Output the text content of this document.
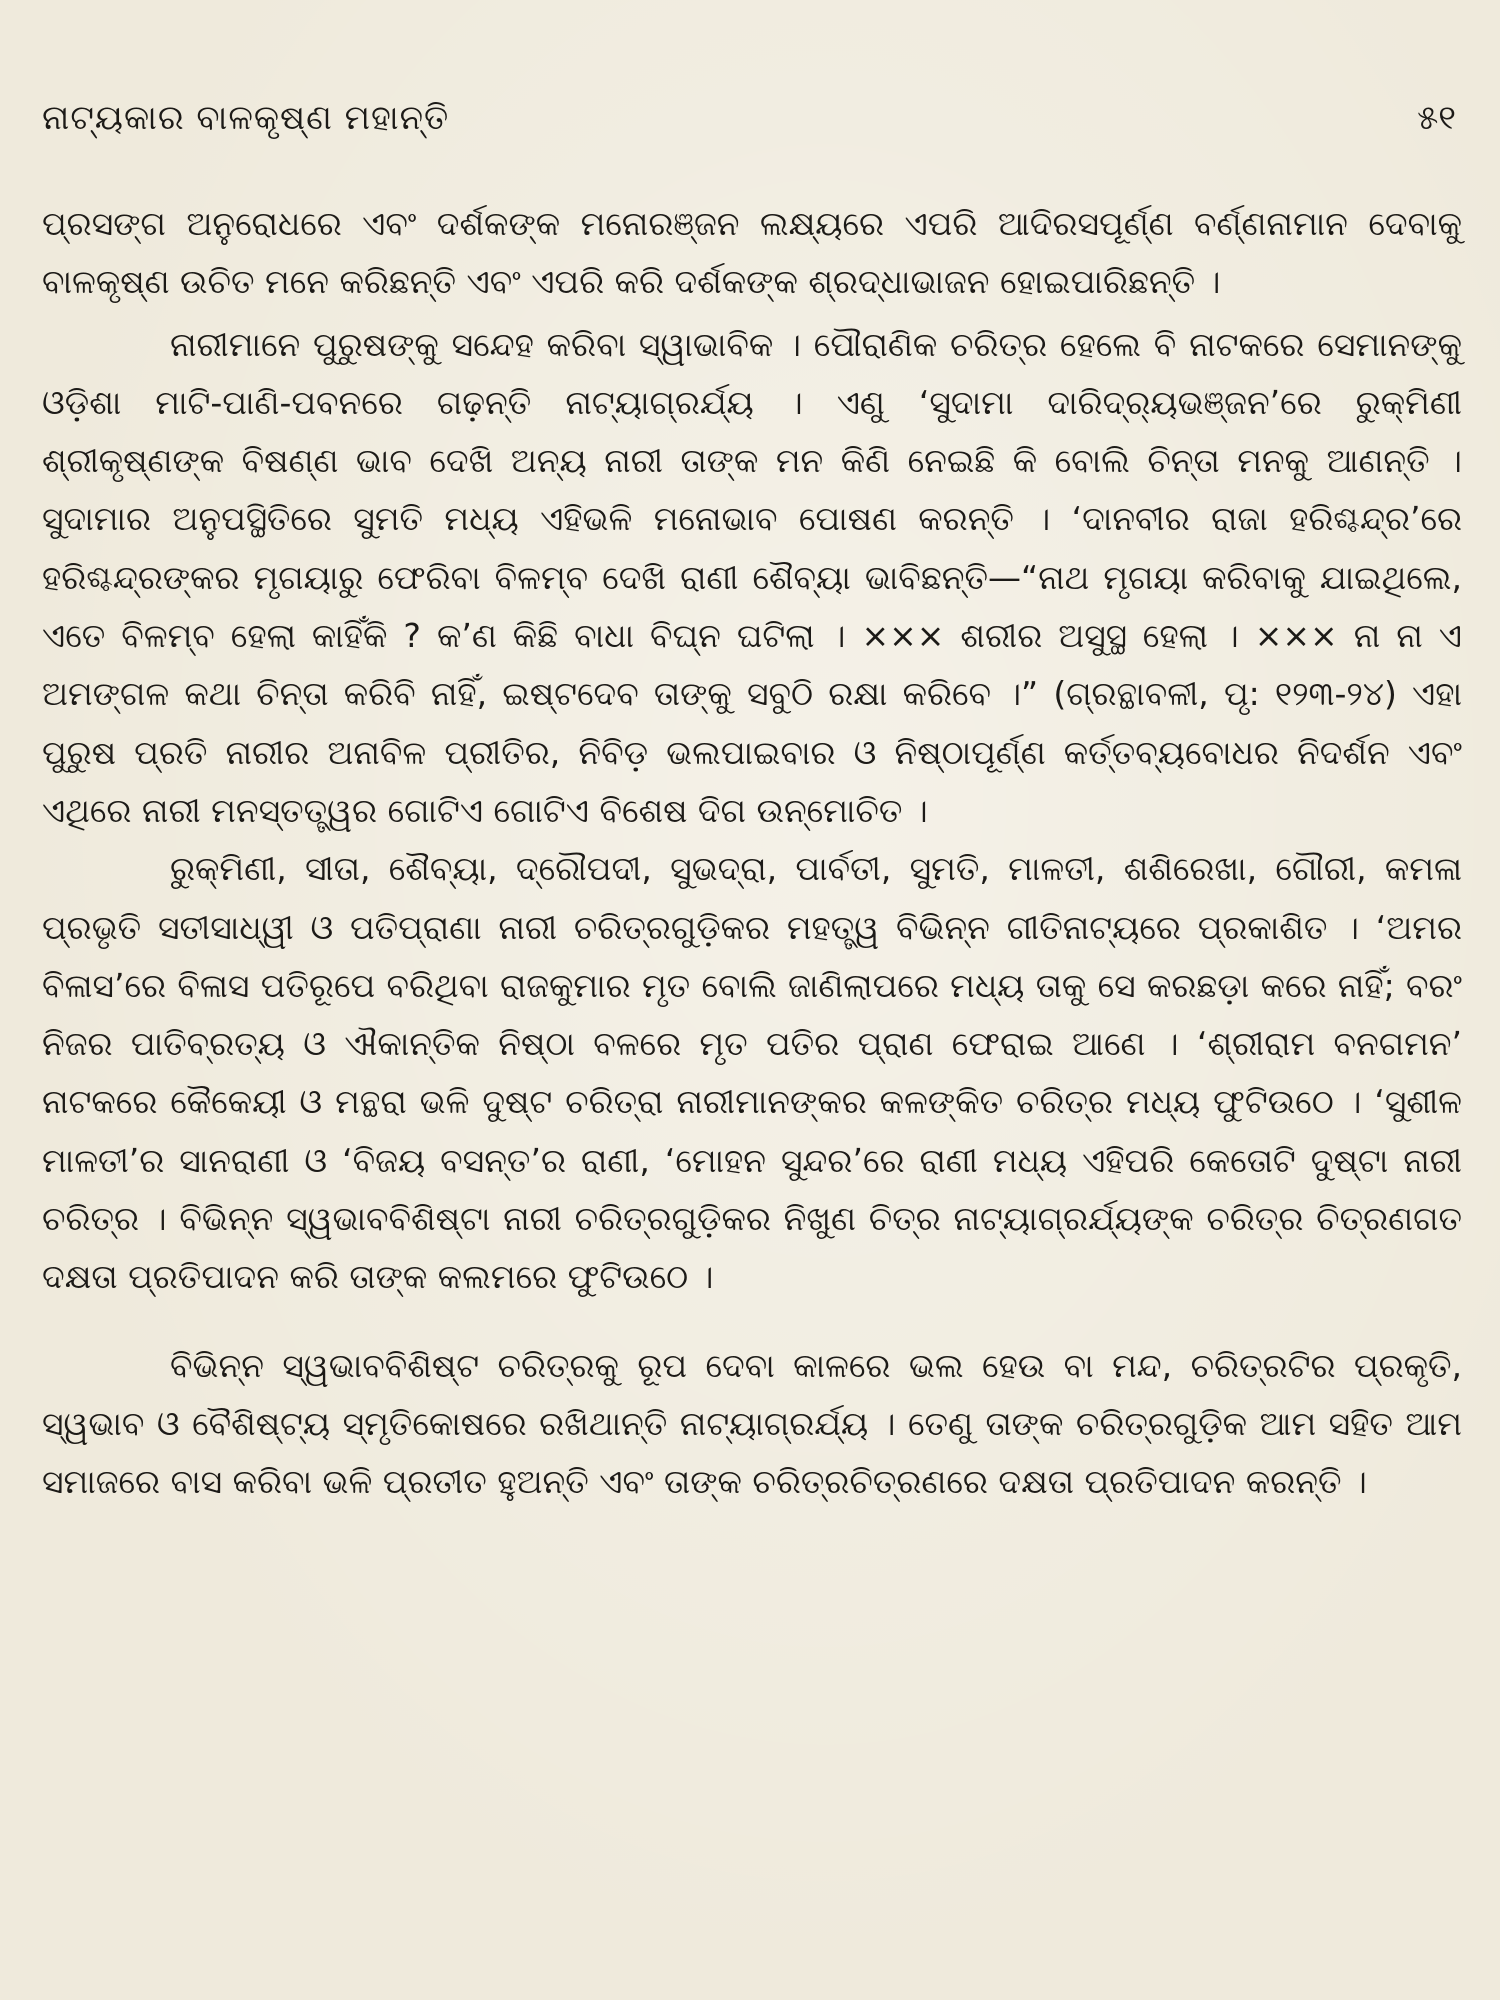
ନାଟ୍ୟକାର ବାଳକୃଷ୍ଣ ମହାନ୍ତି	୫୧

ପ୍ରସଙ୍ଗ ଅନୁରୋଧରେ ଏବଂ ଦର୍ଶକଙ୍କ ମନୋରଞ୍ଜନ ଲକ୍ଷ୍ୟରେ ଏପରି ଆଦିରସପୂର୍ଣ୍ଣ ବର୍ଣ୍ଣନାମାନ ଦେବାକୁ ବାଳକୃଷ୍ଣ ଉଚିତ ମନେ କରିଛନ୍ତି ଏବଂ ଏପରି କରି ଦର୍ଶକଙ୍କ ଶ୍ରଦ୍ଧାଭାଜନ ହୋଇପାରିଛନ୍ତି ।

ନାରୀମାନେ ପୁରୁଷଙ୍କୁ ସନ୍ଦେହ କରିବା ସ୍ୱାଭାବିକ । ପୌରାଣିକ ଚରିତ୍ର ହେଲେ ବି ନାଟକରେ ସେମାନଙ୍କୁ ଓଡ଼ିଶା ମାଟି-ପାଣି-ପବନରେ ଗଢ଼ନ୍ତି ନାଟ୍ୟାଗ୍ରର୍ଯ୍ୟ । ଏଣୁ ‘ସୁଦାମା ଦାରିଦ୍ର୍ୟଭଞ୍ଜନ’ରେ ରୁକ୍ମିଣୀ ଶ୍ରୀକୃଷ୍ଣଙ୍କ ବିଷଣ୍ଣ ଭାବ ଦେଖି ଅନ୍ୟ ନାରୀ ତାଙ୍କ ମନ କିଣି ନେଇଛି କି ବୋଲି ଚିନ୍ତା ମନକୁ ଆଣନ୍ତି । ସୁଦାମାର ଅନୁପସ୍ଥିତିରେ ସୁମତି ମଧ୍ୟ ଏହିଭଳି ମନୋଭାବ ପୋଷଣ କରନ୍ତି । ‘ଦାନବୀର ରାଜା ହରିଶ୍ଚନ୍ଦ୍ର’ରେ ହରିଶ୍ଚନ୍ଦ୍ରଙ୍କର ମୃଗୟାରୁ ଫେରିବା ବିଳମ୍ବ ଦେଖି ରାଣୀ ଶୈବ୍ୟା ଭାବିଛନ୍ତି—“ନାଥ ମୃଗୟା କରିବାକୁ ଯାଇଥିଲେ, ଏତେ ବିଳମ୍ବ ହେଲା କାହିଁକି ? କ’ଣ କିଛି ବାଧା ବିଘ୍ନ ଘଟିଲା । ××× ଶରୀର ଅସୁସ୍ଥ ହେଲା । ××× ନା ନା ଏ ଅମଙ୍ଗଳ କଥା ଚିନ୍ତା କରିବି ନାହିଁ, ଇଷ୍ଟଦେବ ତାଙ୍କୁ ସବୁଠି ରକ୍ଷା କରିବେ ।” (ଗ୍ରନ୍ଥାବଳୀ, ପୃ: ୧୨୩-୨୪) ଏହା ପୁରୁଷ ପ୍ରତି ନାରୀର ଅନାବିଳ ପ୍ରୀତିର, ନିବିଡ଼ ଭଲପାଇବାର ଓ ନିଷ୍ଠାପୂର୍ଣ୍ଣ କର୍ତ୍ତବ୍ୟବୋଧର ନିଦର୍ଶନ ଏବଂ ଏଥିରେ ନାରୀ ମନସ୍ତତ୍ତ୍ୱର ଗୋଟିଏ ଗୋଟିଏ ବିଶେଷ ଦିଗ ଉନ୍ମୋଚିତ ।

ରୁକ୍ମିଣୀ, ସୀତା, ଶୈବ୍ୟା, ଦ୍ରୌପଦୀ, ସୁଭଦ୍ରା, ପାର୍ବତୀ, ସୁମତି, ମାଳତୀ, ଶଶିରେଖା, ଗୌରୀ, କମଳା ପ୍ରଭୃତି ସତୀସାଧ୍ୱୀ ଓ ପତିପ୍ରାଣା ନାରୀ ଚରିତ୍ରଗୁଡ଼ିକର ମହତ୍ତ୍ୱ ବିଭିନ୍ନ ଗୀତିନାଟ୍ୟରେ ପ୍ରକାଶିତ । ‘ଅମର ବିଳାସ’ରେ ବିଳାସ ପତିରୂପେ ବରିଥିବା ରାଜକୁମାର ମୃତ ବୋଲି ଜାଣିଲାପରେ ମଧ୍ୟ ତାକୁ ସେ କରଛଡ଼ା କରେ ନାହିଁ; ବରଂ ନିଜର ପାତିବ୍ରତ୍ୟ ଓ ଐକାନ୍ତିକ ନିଷ୍ଠା ବଳରେ ମୃତ ପତିର ପ୍ରାଣ ଫେରାଇ ଆଣେ । ‘ଶ୍ରୀରାମ ବନଗମନ’ ନାଟକରେ କୈକେୟୀ ଓ ମନ୍ଥରା ଭଳି ଦୁଷ୍ଟ ଚରିତ୍ରା ନାରୀମାନଙ୍କର କଳଙ୍କିତ ଚରିତ୍ର ମଧ୍ୟ ଫୁଟିଉଠେ । ‘ସୁଶୀଳ ମାଳତୀ’ର ସାନରାଣୀ ଓ ‘ବିଜୟ ବସନ୍ତ’ର ରାଣୀ, ‘ମୋହନ ସୁନ୍ଦର’ରେ ରାଣୀ ମଧ୍ୟ ଏହିପରି କେତୋଟି ଦୁଷ୍ଟା ନାରୀ ଚରିତ୍ର । ବିଭିନ୍ନ ସ୍ୱଭାବବିଶିଷ୍ଟା ନାରୀ ଚରିତ୍ରଗୁଡ଼ିକର ନିଖୁଣ ଚିତ୍ର ନାଟ୍ୟାଗ୍ରର୍ଯ୍ୟଙ୍କ ଚରିତ୍ର ଚିତ୍ରଣଗତ ଦକ୍ଷତା ପ୍ରତିପାଦନ କରି ତାଙ୍କ କଲମରେ ଫୁଟିଉଠେ ।

ବିଭିନ୍ନ ସ୍ୱଭାବବିଶିଷ୍ଟ ଚରିତ୍ରକୁ ରୂପ ଦେବା କାଳରେ ଭଲ ହେଉ ବା ମନ୍ଦ, ଚରିତ୍ରଟିର ପ୍ରକୃତି, ସ୍ୱଭାବ ଓ ବୈଶିଷ୍ଟ୍ୟ ସ୍ମୃତିକୋଷରେ ରଖିଥାନ୍ତି ନାଟ୍ୟାଗ୍ରର୍ଯ୍ୟ । ତେଣୁ ତାଙ୍କ ଚରିତ୍ରଗୁଡ଼ିକ ଆମ ସହିତ ଆମ ସମାଜରେ ବାସ କରିବା ଭଳି ପ୍ରତୀତ ହୁଅନ୍ତି ଏବଂ ତାଙ୍କ ଚରିତ୍ରଚିତ୍ରଣରେ ଦକ୍ଷତା ପ୍ରତିପାଦନ କରନ୍ତି ।
